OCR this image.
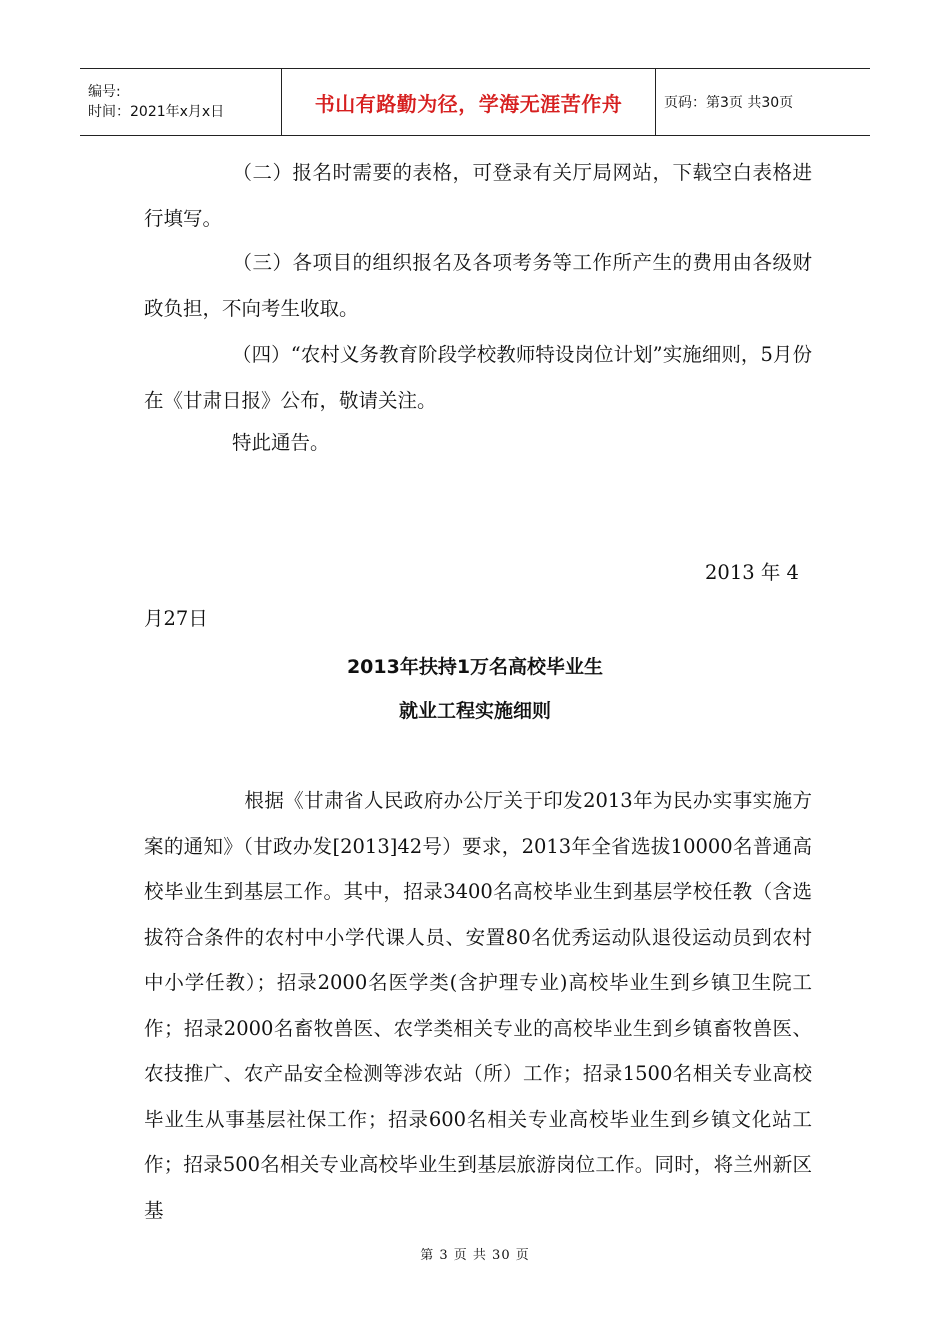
编号:
时间：2021年x月x日	书山有路勤为径，学海无涯苦作舟	页码：第3页 共30页

（二）报名时需要的表格，可登录有关厅局网站，下载空白表格进行填写。

（三）各项目的组织报名及各项考务等工作所产生的费用由各级财政负担，不向考生收取。

（四）“农村义务教育阶段学校教师特设岗位计划”实施细则，5月份在《甘肃日报》公布，敬请关注。

特此通告。

2013 年 4

月27日

2013年扶持1万名高校毕业生

就业工程实施细则

根据《甘肃省人民政府办公厅关于印发2013年为民办实事实施方案的通知》（甘政办发[2013]42号）要求，2013年全省选拔10000名普通高校毕业生到基层工作。其中，招录3400名高校毕业生到基层学校任教（含选拔符合条件的农村中小学代课人员、安置80名优秀运动队退役运动员到农村中小学任教）；招录2000名医学类(含护理专业)高校毕业生到乡镇卫生院工作；招录2000名畜牧兽医、农学类相关专业的高校毕业生到乡镇畜牧兽医、农技推广、农产品安全检测等涉农站（所）工作；招录1500名相关专业高校毕业生从事基层社保工作；招录600名相关专业高校毕业生到乡镇文化站工作；招录500名相关专业高校毕业生到基层旅游岗位工作。同时，将兰州新区基

第 3 页 共 30 页
